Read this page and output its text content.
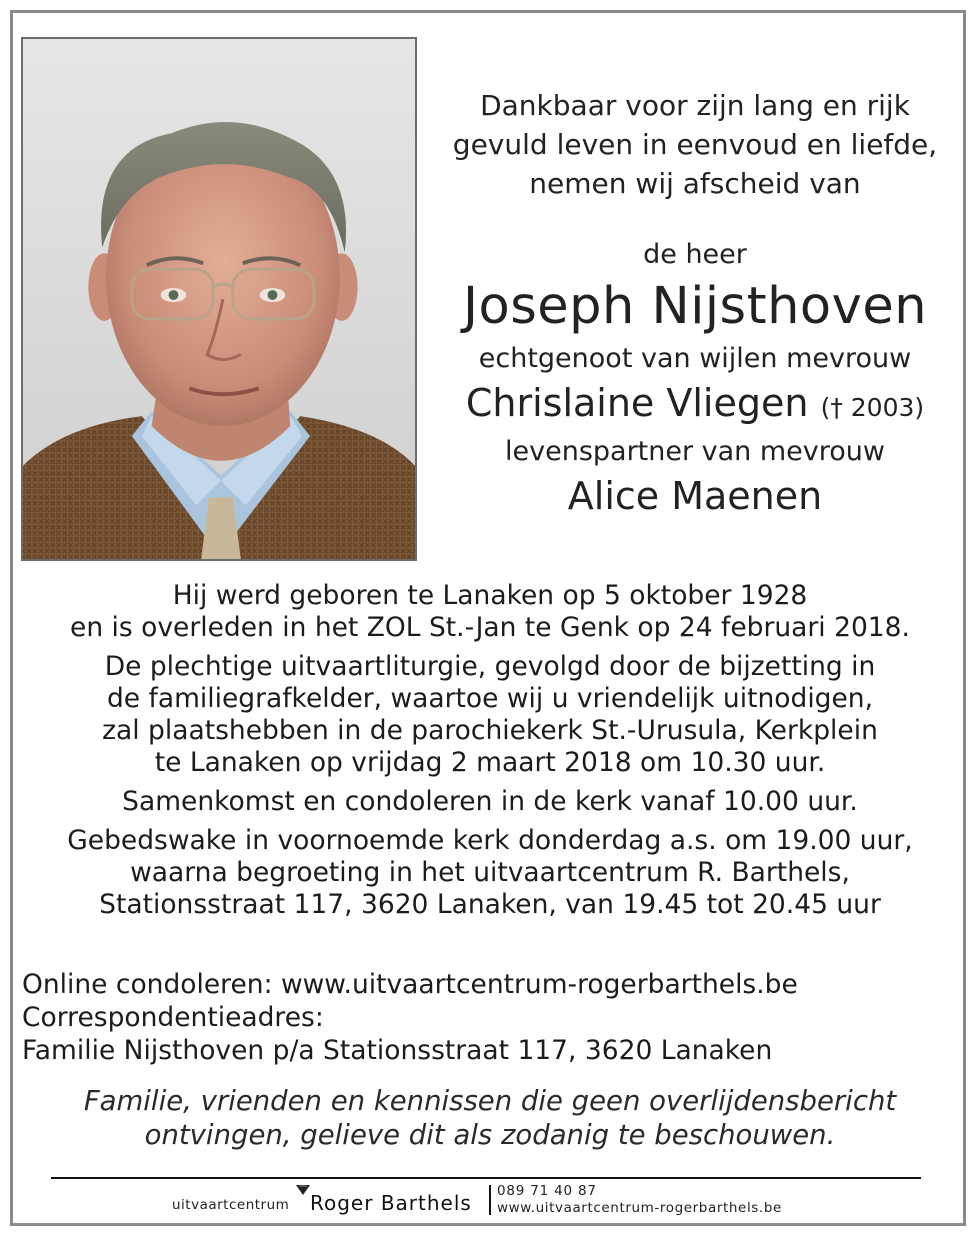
Dankbaar voor zijn lang en rijk
gevuld leven in eenvoud en liefde,
nemen wij afscheid van
de heer
Joseph Nijsthoven
echtgenoot van wijlen mevrouw
Chrislaine Vliegen († 2003)
levenspartner van mevrouw
Alice Maenen
Hij werd geboren te Lanaken op 5 oktober 1928
en is overleden in het ZOL St.-Jan te Genk op 24 februari 2018.
De plechtige uitvaartliturgie, gevolgd door de bijzetting in
de familiegrafkelder, waartoe wij u vriendelijk uitnodigen,
zal plaatshebben in de parochiekerk St.-Urusula, Kerkplein
te Lanaken op vrijdag 2 maart 2018 om 10.30 uur.
Samenkomst en condoleren in de kerk vanaf 10.00 uur.
Gebedswake in voornoemde kerk donderdag a.s. om 19.00 uur,
waarna begroeting in het uitvaartcentrum R. Barthels,
Stationsstraat 117, 3620 Lanaken, van 19.45 tot 20.45 uur
Online condoleren: www.uitvaartcentrum-rogerbarthels.be
Correspondentieadres:
Familie Nijsthoven p/a Stationsstraat 117, 3620 Lanaken
Familie, vrienden en kennissen die geen overlijdensbericht
ontvingen, gelieve dit als zodanig te beschouwen.
uitvaartcentrum Roger Barthels 089 71 40 87
www.uitvaartcentrum-rogerbarthels.be
